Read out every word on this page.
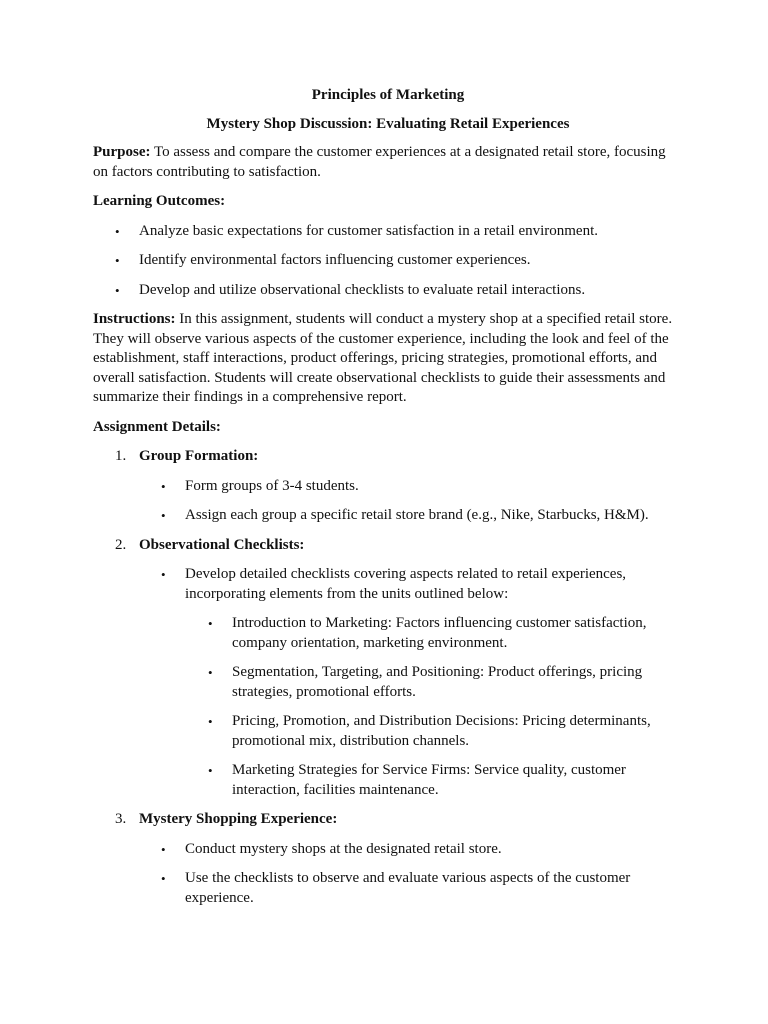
Principles of Marketing
Mystery Shop Discussion: Evaluating Retail Experiences

Purpose: To assess and compare the customer experiences at a designated retail store, focusing on factors contributing to satisfaction.

Learning Outcomes:

• Analyze basic expectations for customer satisfaction in a retail environment.
• Identify environmental factors influencing customer experiences.
• Develop and utilize observational checklists to evaluate retail interactions.

Instructions: In this assignment, students will conduct a mystery shop at a specified retail store. They will observe various aspects of the customer experience, including the look and feel of the establishment, staff interactions, product offerings, pricing strategies, promotional efforts, and overall satisfaction. Students will create observational checklists to guide their assessments and summarize their findings in a comprehensive report.

Assignment Details:

1. Group Formation:
• Form groups of 3-4 students.
• Assign each group a specific retail store brand (e.g., Nike, Starbucks, H&M).
2. Observational Checklists:
• Develop detailed checklists covering aspects related to retail experiences, incorporating elements from the units outlined below:
• Introduction to Marketing: Factors influencing customer satisfaction, company orientation, marketing environment.
• Segmentation, Targeting, and Positioning: Product offerings, pricing strategies, promotional efforts.
• Pricing, Promotion, and Distribution Decisions: Pricing determinants, promotional mix, distribution channels.
• Marketing Strategies for Service Firms: Service quality, customer interaction, facilities maintenance.
3. Mystery Shopping Experience:
• Conduct mystery shops at the designated retail store.
• Use the checklists to observe and evaluate various aspects of the customer experience.
